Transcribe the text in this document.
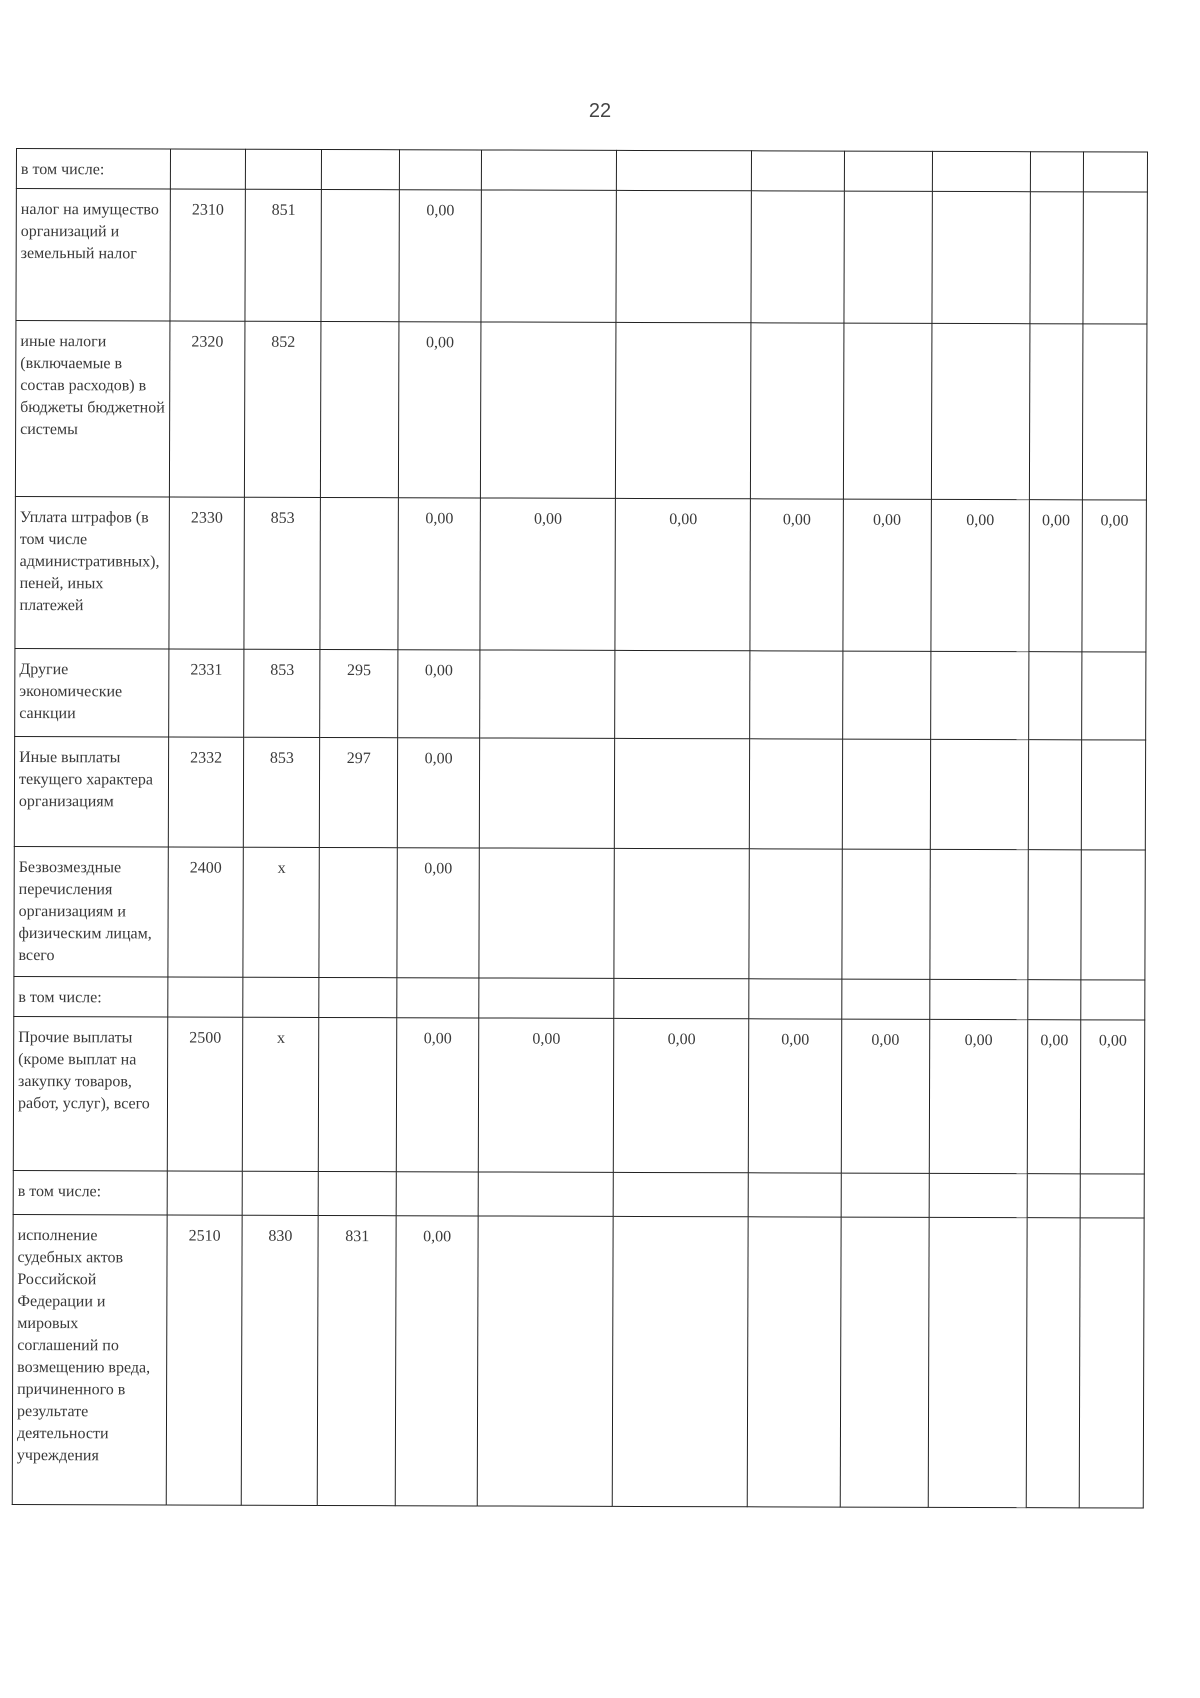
22
в том числе:											
налог на имущество организаций и земельный налог	2310	851		0,00							
иные налоги (включаемые в состав расходов) в бюджеты бюджетной системы	2320	852		0,00							
Уплата штрафов (в том числе административных), пеней, иных платежей	2330	853		0,00	0,00	0,00	0,00	0,00	0,00	0,00	0,00
Другие экономические санкции	2331	853	295	0,00							
Иные выплаты текущего характера организациям	2332	853	297	0,00							
Безвозмездные перечисления организациям и физическим лицам, всего	2400	х		0,00							
в том числе:											
Прочие выплаты (кроме выплат на закупку товаров, работ, услуг), всего	2500	х		0,00	0,00	0,00	0,00	0,00	0,00	0,00	0,00
в том числе:											
исполнение судебных актов Российской Федерации и мировых соглашений по возмещению вреда, причиненного в результате деятельности учреждения	2510	830	831	0,00							
